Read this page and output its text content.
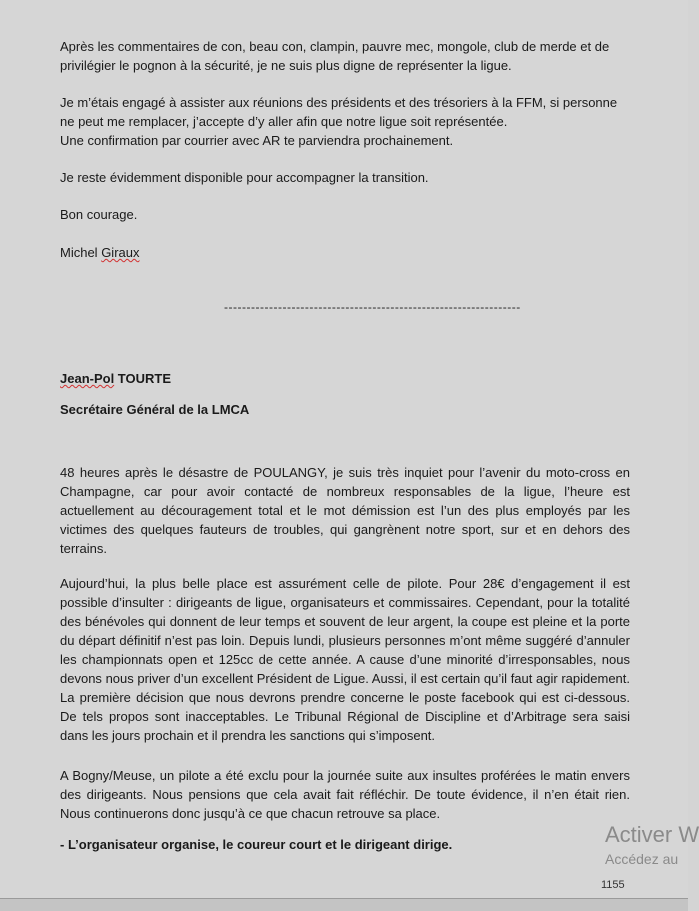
Après les commentaires de con, beau con, clampin, pauvre mec, mongole, club de merde et de privilégier le pognon à la sécurité, je ne suis plus digne de représenter la ligue.

Je m’étais engagé à assister aux réunions des présidents et des trésoriers à la FFM, si personne ne peut me remplacer, j’accepte d’y aller afin que notre ligue soit représentée.
Une confirmation par courrier avec AR te parviendra prochainement.

Je reste évidemment disponible pour accompagner la transition.

Bon courage.

Michel Giraux

------------------------------------------------------------------

Jean-Pol TOURTE

Secrétaire Général de la LMCA

48 heures après le désastre de POULANGY, je suis très inquiet pour l’avenir du moto-cross en Champagne, car pour avoir contacté de nombreux responsables de la ligue, l’heure est actuellement au découragement total et le mot démission est l’un des plus employés par les victimes des quelques fauteurs de troubles, qui gangrènent notre sport, sur et en dehors des terrains.

Aujourd’hui, la plus belle place est assurément celle de pilote. Pour 28€ d’engagement il est possible d’insulter : dirigeants de ligue, organisateurs et commissaires. Cependant, pour la totalité des bénévoles qui donnent de leur temps et souvent de leur argent, la coupe est pleine et la porte du départ définitif n’est pas loin. Depuis lundi, plusieurs personnes m’ont même suggéré d’annuler les championnats open et 125cc de cette année. A cause d’une minorité d’irresponsables, nous devons nous priver d’un excellent Président de Ligue. Aussi, il est certain qu’il faut agir rapidement. La première décision que nous devrons prendre concerne le poste facebook qui est ci-dessous. De tels propos sont inacceptables. Le Tribunal Régional de Discipline et d’Arbitrage sera saisi dans les jours prochain et il prendra les sanctions qui s’imposent.

A Bogny/Meuse, un pilote a été exclu pour la journée suite aux insultes proférées le matin envers des dirigeants. Nous pensions que cela avait fait réfléchir. De toute évidence, il n’en était rien. Nous continuerons donc jusqu’à ce que chacun retrouve sa place.

- L’organisateur organise, le coureur court et le dirigeant dirige.

1155
Activer W
Accédez au
